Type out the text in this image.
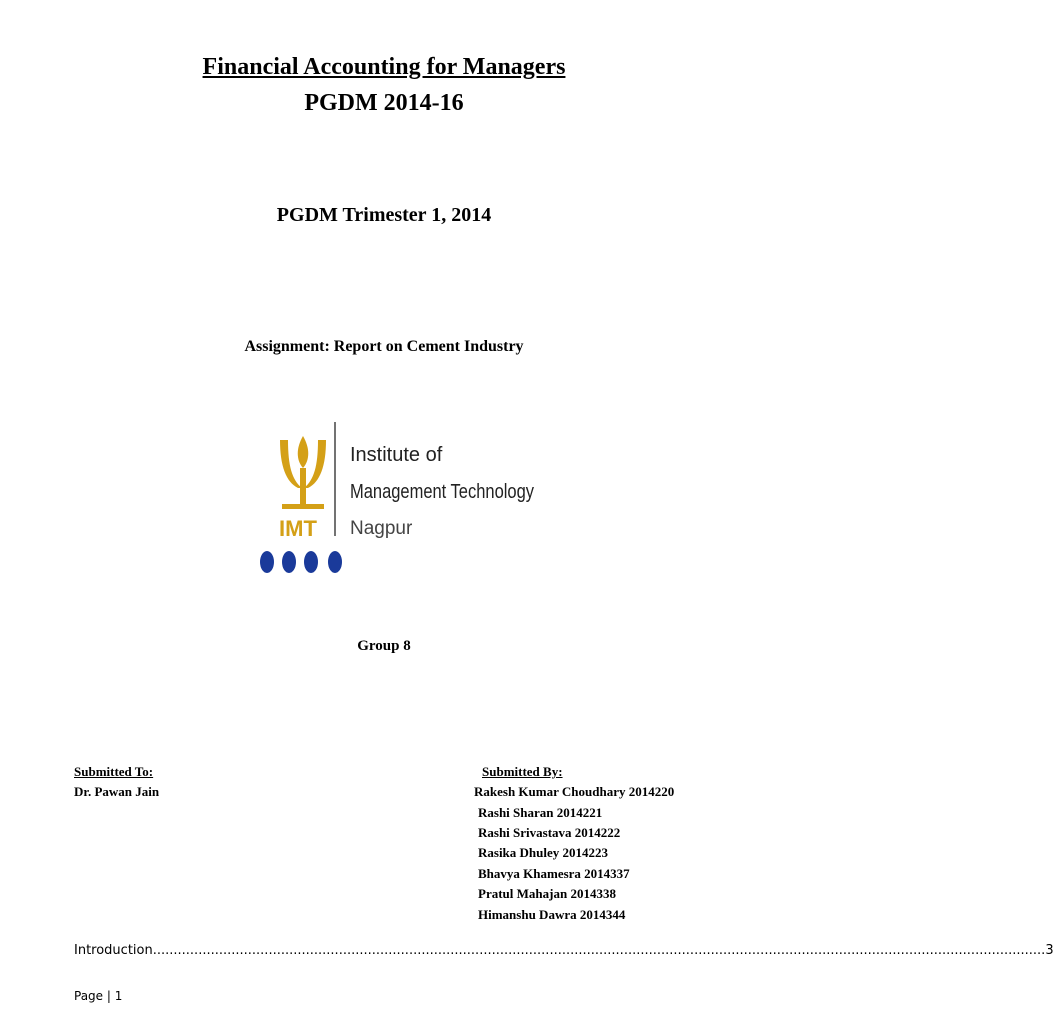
Financial Accounting for Managers
PGDM 2014-16
PGDM Trimester 1, 2014
Assignment: Report on Cement Industry
IMT
Institute of
Management Technology
Nagpur
Group 8
Submitted To:
Dr. Pawan Jain
Submitted By:
Rakesh Kumar Choudhary 2014220
Rashi Sharan 2014221
Rashi Srivastava 2014222
Rasika Dhuley 2014223
Bhavya Khamesra 2014337
Pratul Mahajan 2014338
Himanshu Dawra 2014344
Introduction
.....	3
Page | 1
